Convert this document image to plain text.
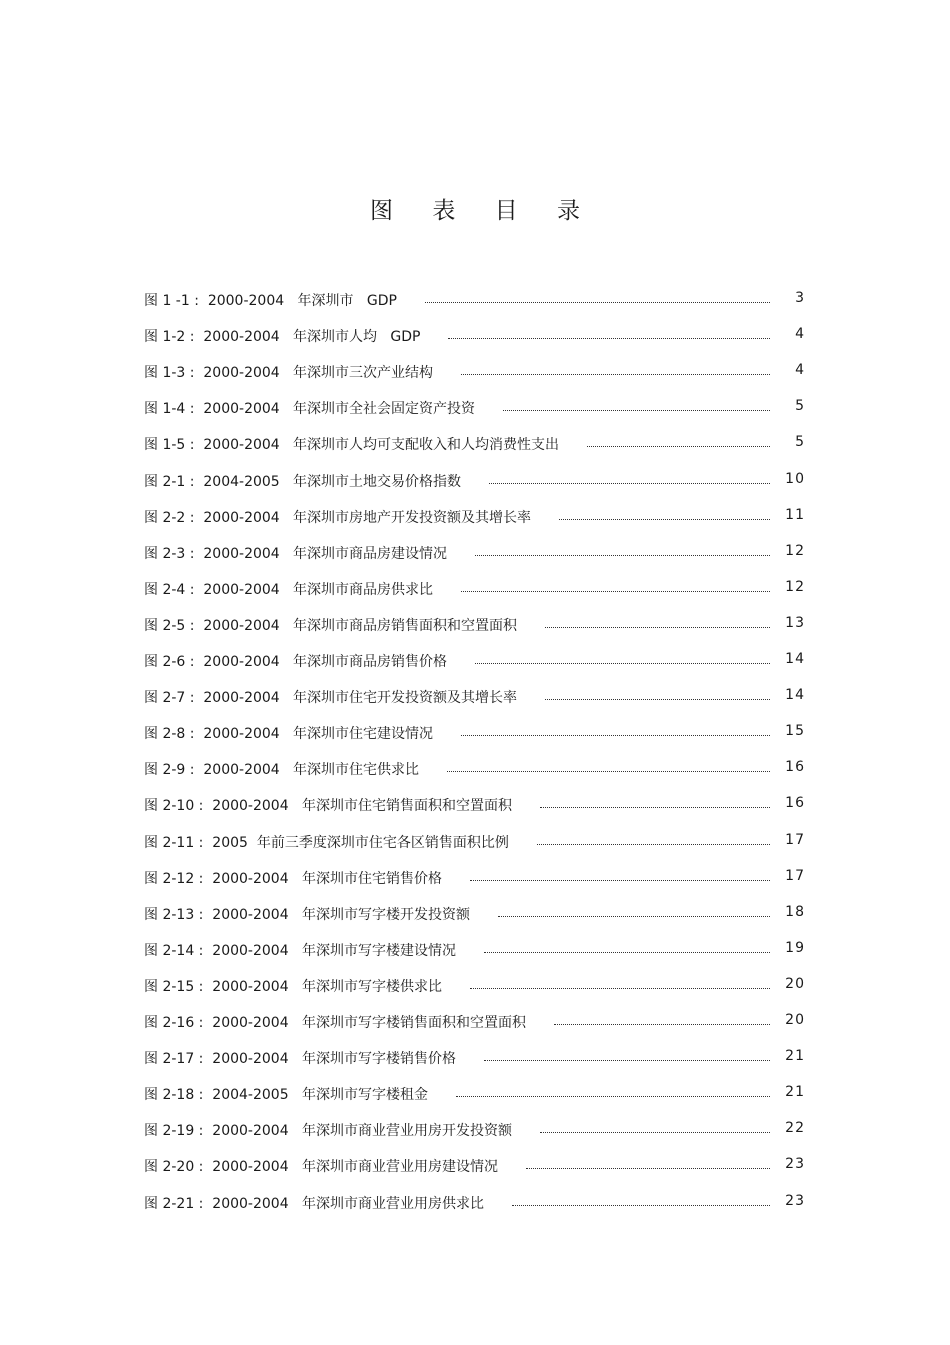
图 表 目 录
图 1 -1 :  2000-2004   年深圳市   GDP	3
图 1-2 :  2000-2004   年深圳市人均   GDP	4
图 1-3 :  2000-2004   年深圳市三次产业结构	4
图 1-4 :  2000-2004   年深圳市全社会固定资产投资	5
图 1-5 :  2000-2004   年深圳市人均可支配收入和人均消费性支出	5
图 2-1 :  2004-2005   年深圳市土地交易价格指数	10
图 2-2 :  2000-2004   年深圳市房地产开发投资额及其增长率	11
图 2-3 :  2000-2004   年深圳市商品房建设情况	12
图 2-4 :  2000-2004   年深圳市商品房供求比	12
图 2-5 :  2000-2004   年深圳市商品房销售面积和空置面积	13
图 2-6 :  2000-2004   年深圳市商品房销售价格	14
图 2-7 :  2000-2004   年深圳市住宅开发投资额及其增长率	14
图 2-8 :  2000-2004   年深圳市住宅建设情况	15
图 2-9 :  2000-2004   年深圳市住宅供求比	16
图 2-10 :  2000-2004   年深圳市住宅销售面积和空置面积	16
图 2-11 :  2005  年前三季度深圳市住宅各区销售面积比例	17
图 2-12 :  2000-2004   年深圳市住宅销售价格	17
图 2-13 :  2000-2004   年深圳市写字楼开发投资额	18
图 2-14 :  2000-2004   年深圳市写字楼建设情况	19
图 2-15 :  2000-2004   年深圳市写字楼供求比	20
图 2-16 :  2000-2004   年深圳市写字楼销售面积和空置面积	20
图 2-17 :  2000-2004   年深圳市写字楼销售价格	21
图 2-18 :  2004-2005   年深圳市写字楼租金	21
图 2-19 :  2000-2004   年深圳市商业营业用房开发投资额	22
图 2-20 :  2000-2004   年深圳市商业营业用房建设情况	23
图 2-21 :  2000-2004   年深圳市商业营业用房供求比	23
